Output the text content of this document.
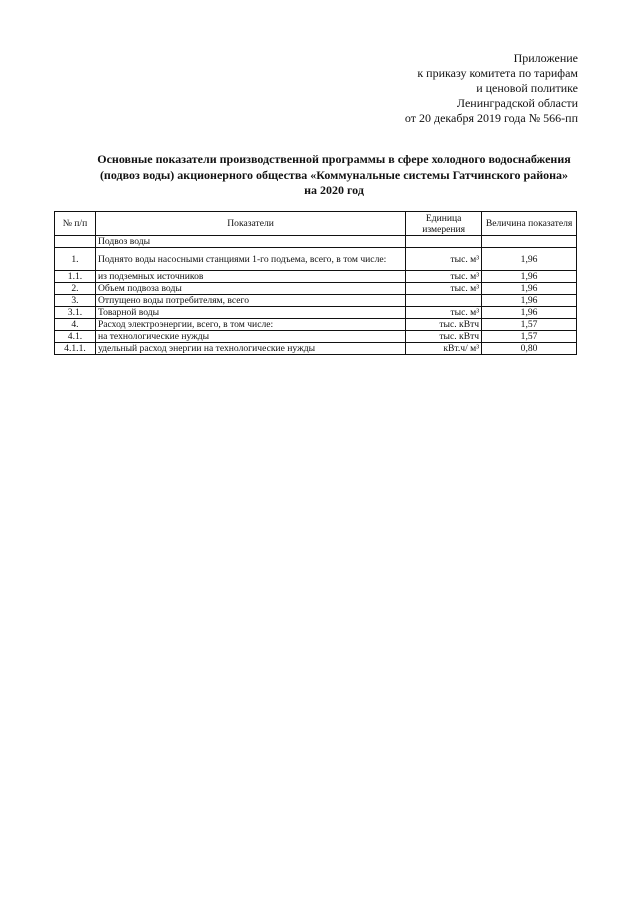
Приложение
к приказу комитета по тарифам
и ценовой политике
Ленинградской области
от 20 декабря 2019 года № 566-пп
Основные показатели производственной программы в сфере холодного водоснабжения
(подвоз воды) акционерного общества «Коммунальные системы Гатчинского района»
на 2020 год
№ п/п	Показатели	Единица измерения	Величина показателя
	Подвоз воды		
1.	Поднято воды насосными станциями 1-го подъема, всего, в том числе:	тыс. м³	1,96
1.1.	из подземных источников	тыс. м³	1,96
2.	Объем подвоза воды	тыс. м³	1,96
3.	Отпущено воды потребителям, всего		1,96
3.1.	Товарной воды	тыс. м³	1,96
4.	Расход электроэнергии, всего, в том числе:	тыс. кВтч	1,57
4.1.	на технологические нужды	тыс. кВтч	1,57
4.1.1.	удельный расход энергии на технологические нужды	кВт.ч/ м³	0,80
